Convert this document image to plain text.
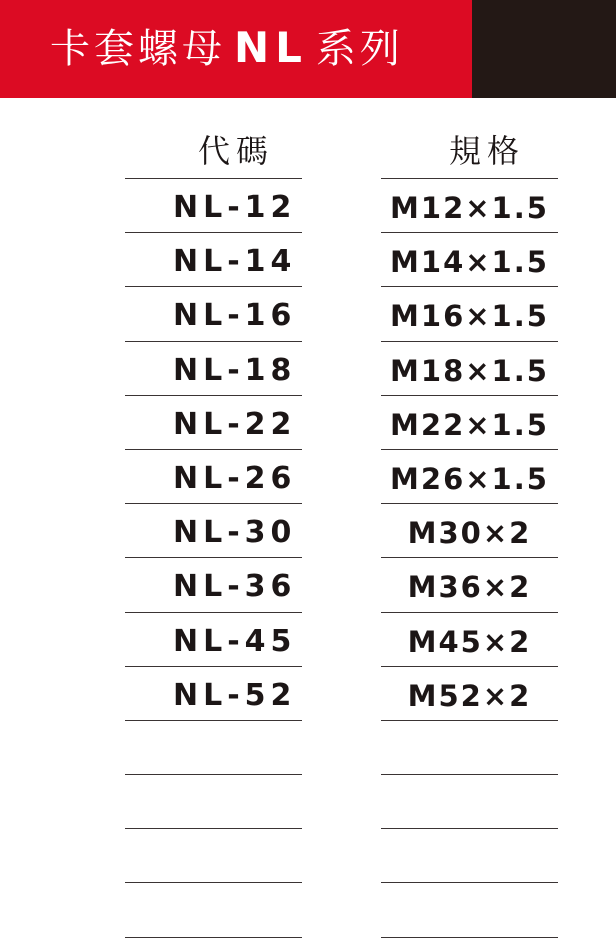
卡套螺母 NL 系列
代碼
NL-12
NL-14
NL-16
NL-18
NL-22
NL-26
NL-30
NL-36
NL-45
NL-52
規格
M12×1.5
M14×1.5
M16×1.5
M18×1.5
M22×1.5
M26×1.5
M30×2
M36×2
M45×2
M52×2
